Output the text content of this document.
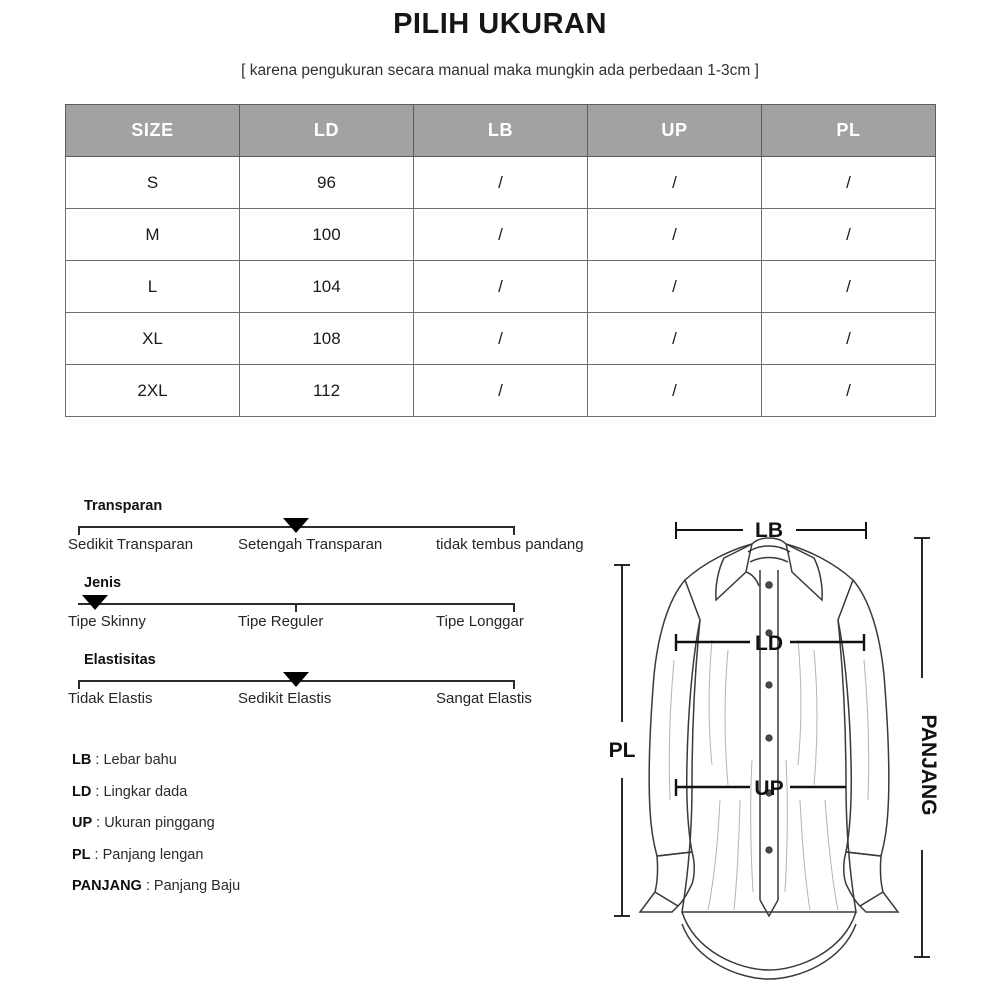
PILIH UKURAN
[ karena pengukuran secara manual maka mungkin ada perbedaan 1-3cm ]
SIZE	LD	LB	UP	PL
S	96	/	/	/
M	100	/	/	/
L	104	/	/	/
XL	108	/	/	/
2XL	112	/	/	/
Transparan
Sedikit Transparan	Setengah Transparan	tidak tembus pandang
Jenis
Tipe Skinny	Tipe Reguler	Tipe Longgar
Elastisitas
Tidak Elastis	Sedikit Elastis	Sangat Elastis
LB : Lebar bahu
LD : Lingkar dada
UP : Ukuran pinggang
PL : Panjang lengan
PANJANG : Panjang Baju
LB
LD
UP
PL	PANJANG
